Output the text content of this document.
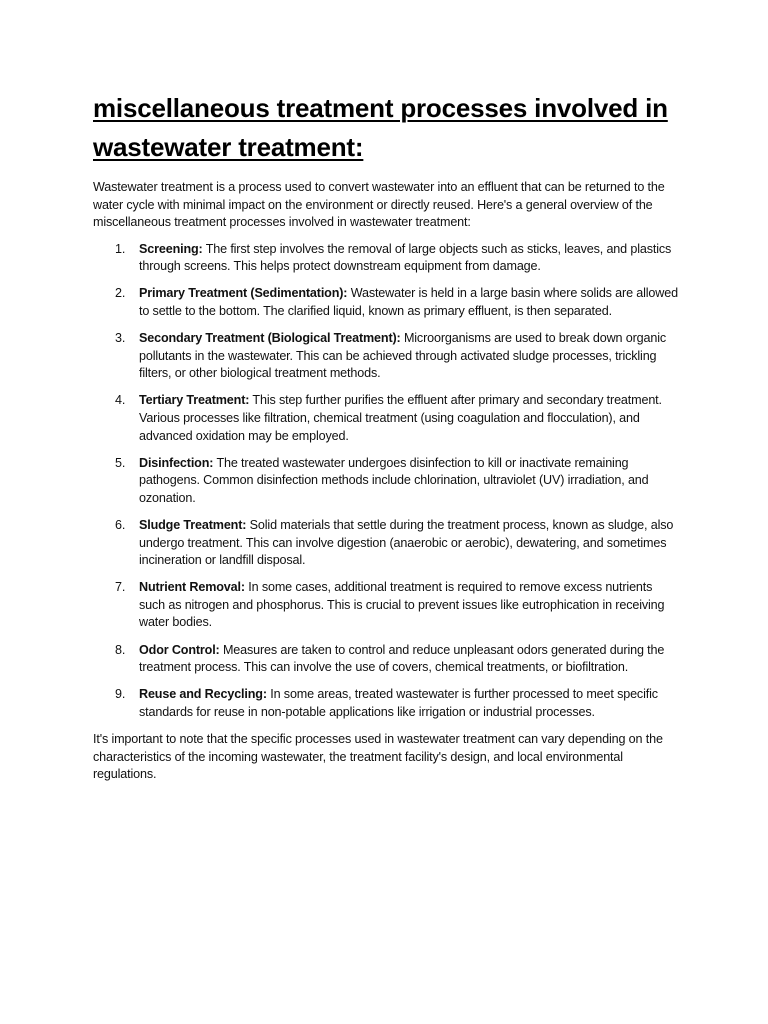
miscellaneous treatment processes involved in wastewater treatment:

Wastewater treatment is a process used to convert wastewater into an effluent that can be returned to the water cycle with minimal impact on the environment or directly reused. Here's a general overview of the miscellaneous treatment processes involved in wastewater treatment:

1.	Screening: The first step involves the removal of large objects such as sticks, leaves, and plastics through screens. This helps protect downstream equipment from damage.
2.	Primary Treatment (Sedimentation): Wastewater is held in a large basin where solids are allowed to settle to the bottom. The clarified liquid, known as primary effluent, is then separated.
3.	Secondary Treatment (Biological Treatment): Microorganisms are used to break down organic pollutants in the wastewater. This can be achieved through activated sludge processes, trickling filters, or other biological treatment methods.
4.	Tertiary Treatment: This step further purifies the effluent after primary and secondary treatment. Various processes like filtration, chemical treatment (using coagulation and flocculation), and advanced oxidation may be employed.
5.	Disinfection: The treated wastewater undergoes disinfection to kill or inactivate remaining pathogens. Common disinfection methods include chlorination, ultraviolet (UV) irradiation, and ozonation.
6.	Sludge Treatment: Solid materials that settle during the treatment process, known as sludge, also undergo treatment. This can involve digestion (anaerobic or aerobic), dewatering, and sometimes incineration or landfill disposal.
7.	Nutrient Removal: In some cases, additional treatment is required to remove excess nutrients such as nitrogen and phosphorus. This is crucial to prevent issues like eutrophication in receiving water bodies.
8.	Odor Control: Measures are taken to control and reduce unpleasant odors generated during the treatment process. This can involve the use of covers, chemical treatments, or biofiltration.
9.	Reuse and Recycling: In some areas, treated wastewater is further processed to meet specific standards for reuse in non-potable applications like irrigation or industrial processes.

It's important to note that the specific processes used in wastewater treatment can vary depending on the characteristics of the incoming wastewater, the treatment facility's design, and local environmental regulations.
